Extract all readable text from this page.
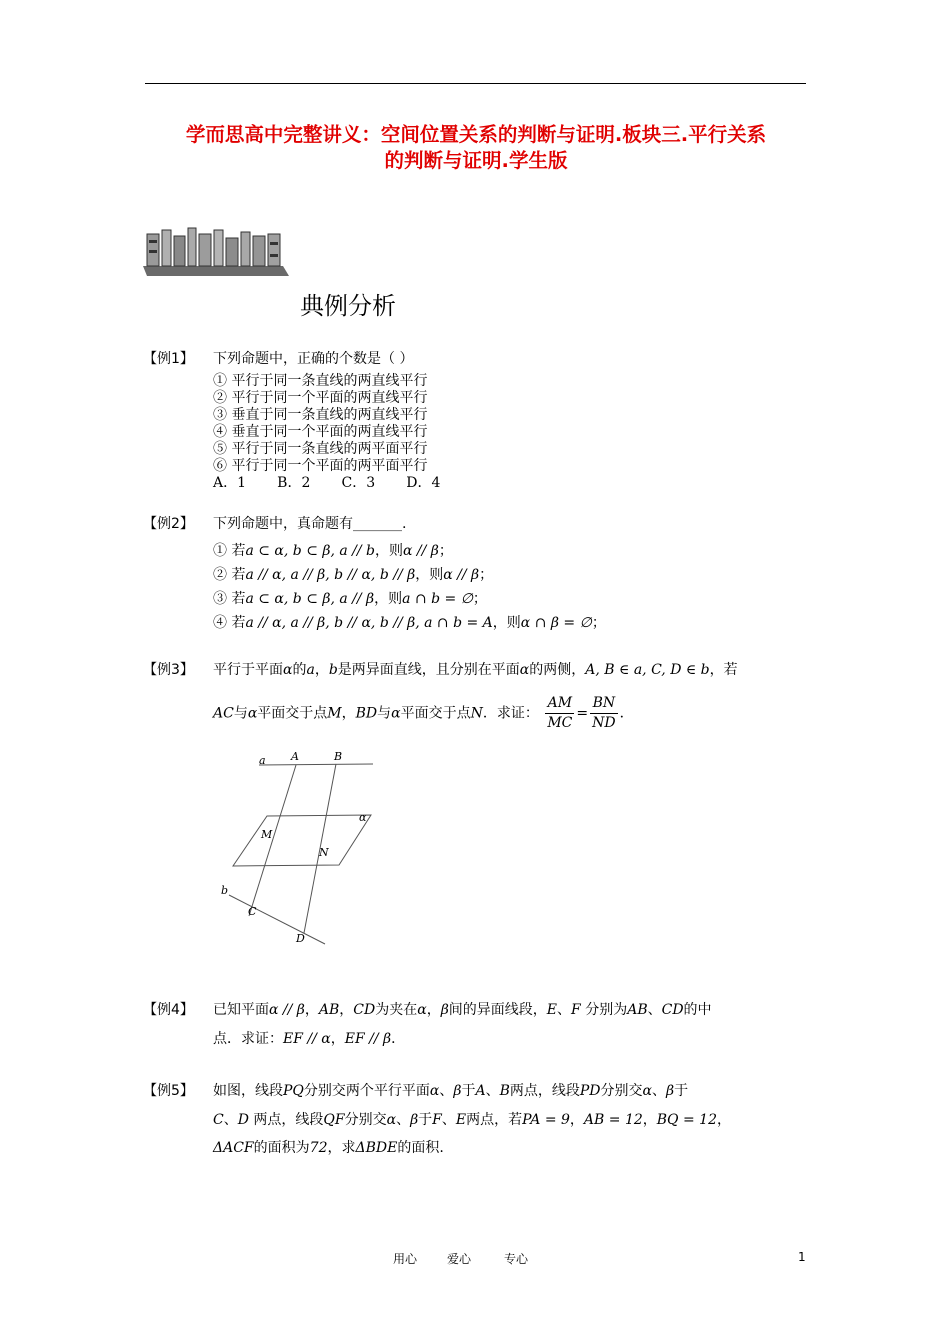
学而思高中完整讲义：空间位置关系的判断与证明.板块三.平行关系
的判断与证明.学生版
典例分析
【例1】 下列命题中，正确的个数是（ ）
① 平行于同一条直线的两直线平行
② 平行于同一个平面的两直线平行
③ 垂直于同一条直线的两直线平行
④ 垂直于同一个平面的两直线平行
⑤ 平行于同一条直线的两平面平行
⑥ 平行于同一个平面的两平面平行
A．1       B．2       C．3       D．4
【例2】 下列命题中，真命题有_______.
① 若a ⊂ α, b ⊂ β, a // b，则α // β；
② 若a // α, a // β, b // α, b // β，则α // β；
③ 若a ⊂ α, b ⊂ β, a // β，则a ∩ b = ∅；
④ 若a // α, a // β, b // α, b // β, a ∩ b = A，则α ∩ β = ∅；
【例3】 平行于平面α的a，b是两异面直线，且分别在平面α的两侧，A, B ∈ a, C, D ∈ b，若
AC与α平面交于点M，BD与α平面交于点N．求证： $\frac{AM}{MC} = \frac{BN}{ND}$ ．
a A	B
α
M
N
b
C
D
【例4】 已知平面α // β，AB，CD为夹在α，β间的异面线段，E、F 分别为AB、CD的中
点．求证：EF // α，EF // β．
【例5】 如图，线段PQ分别交两个平行平面α、β于A、B两点，线段PD分别交α、β于
C、D 两点，线段QF分别交α、β于F、E两点，若PA = 9，AB = 12，BQ = 12，
ΔACF的面积为72，求ΔBDE的面积.
用心 爱心	专心	1
